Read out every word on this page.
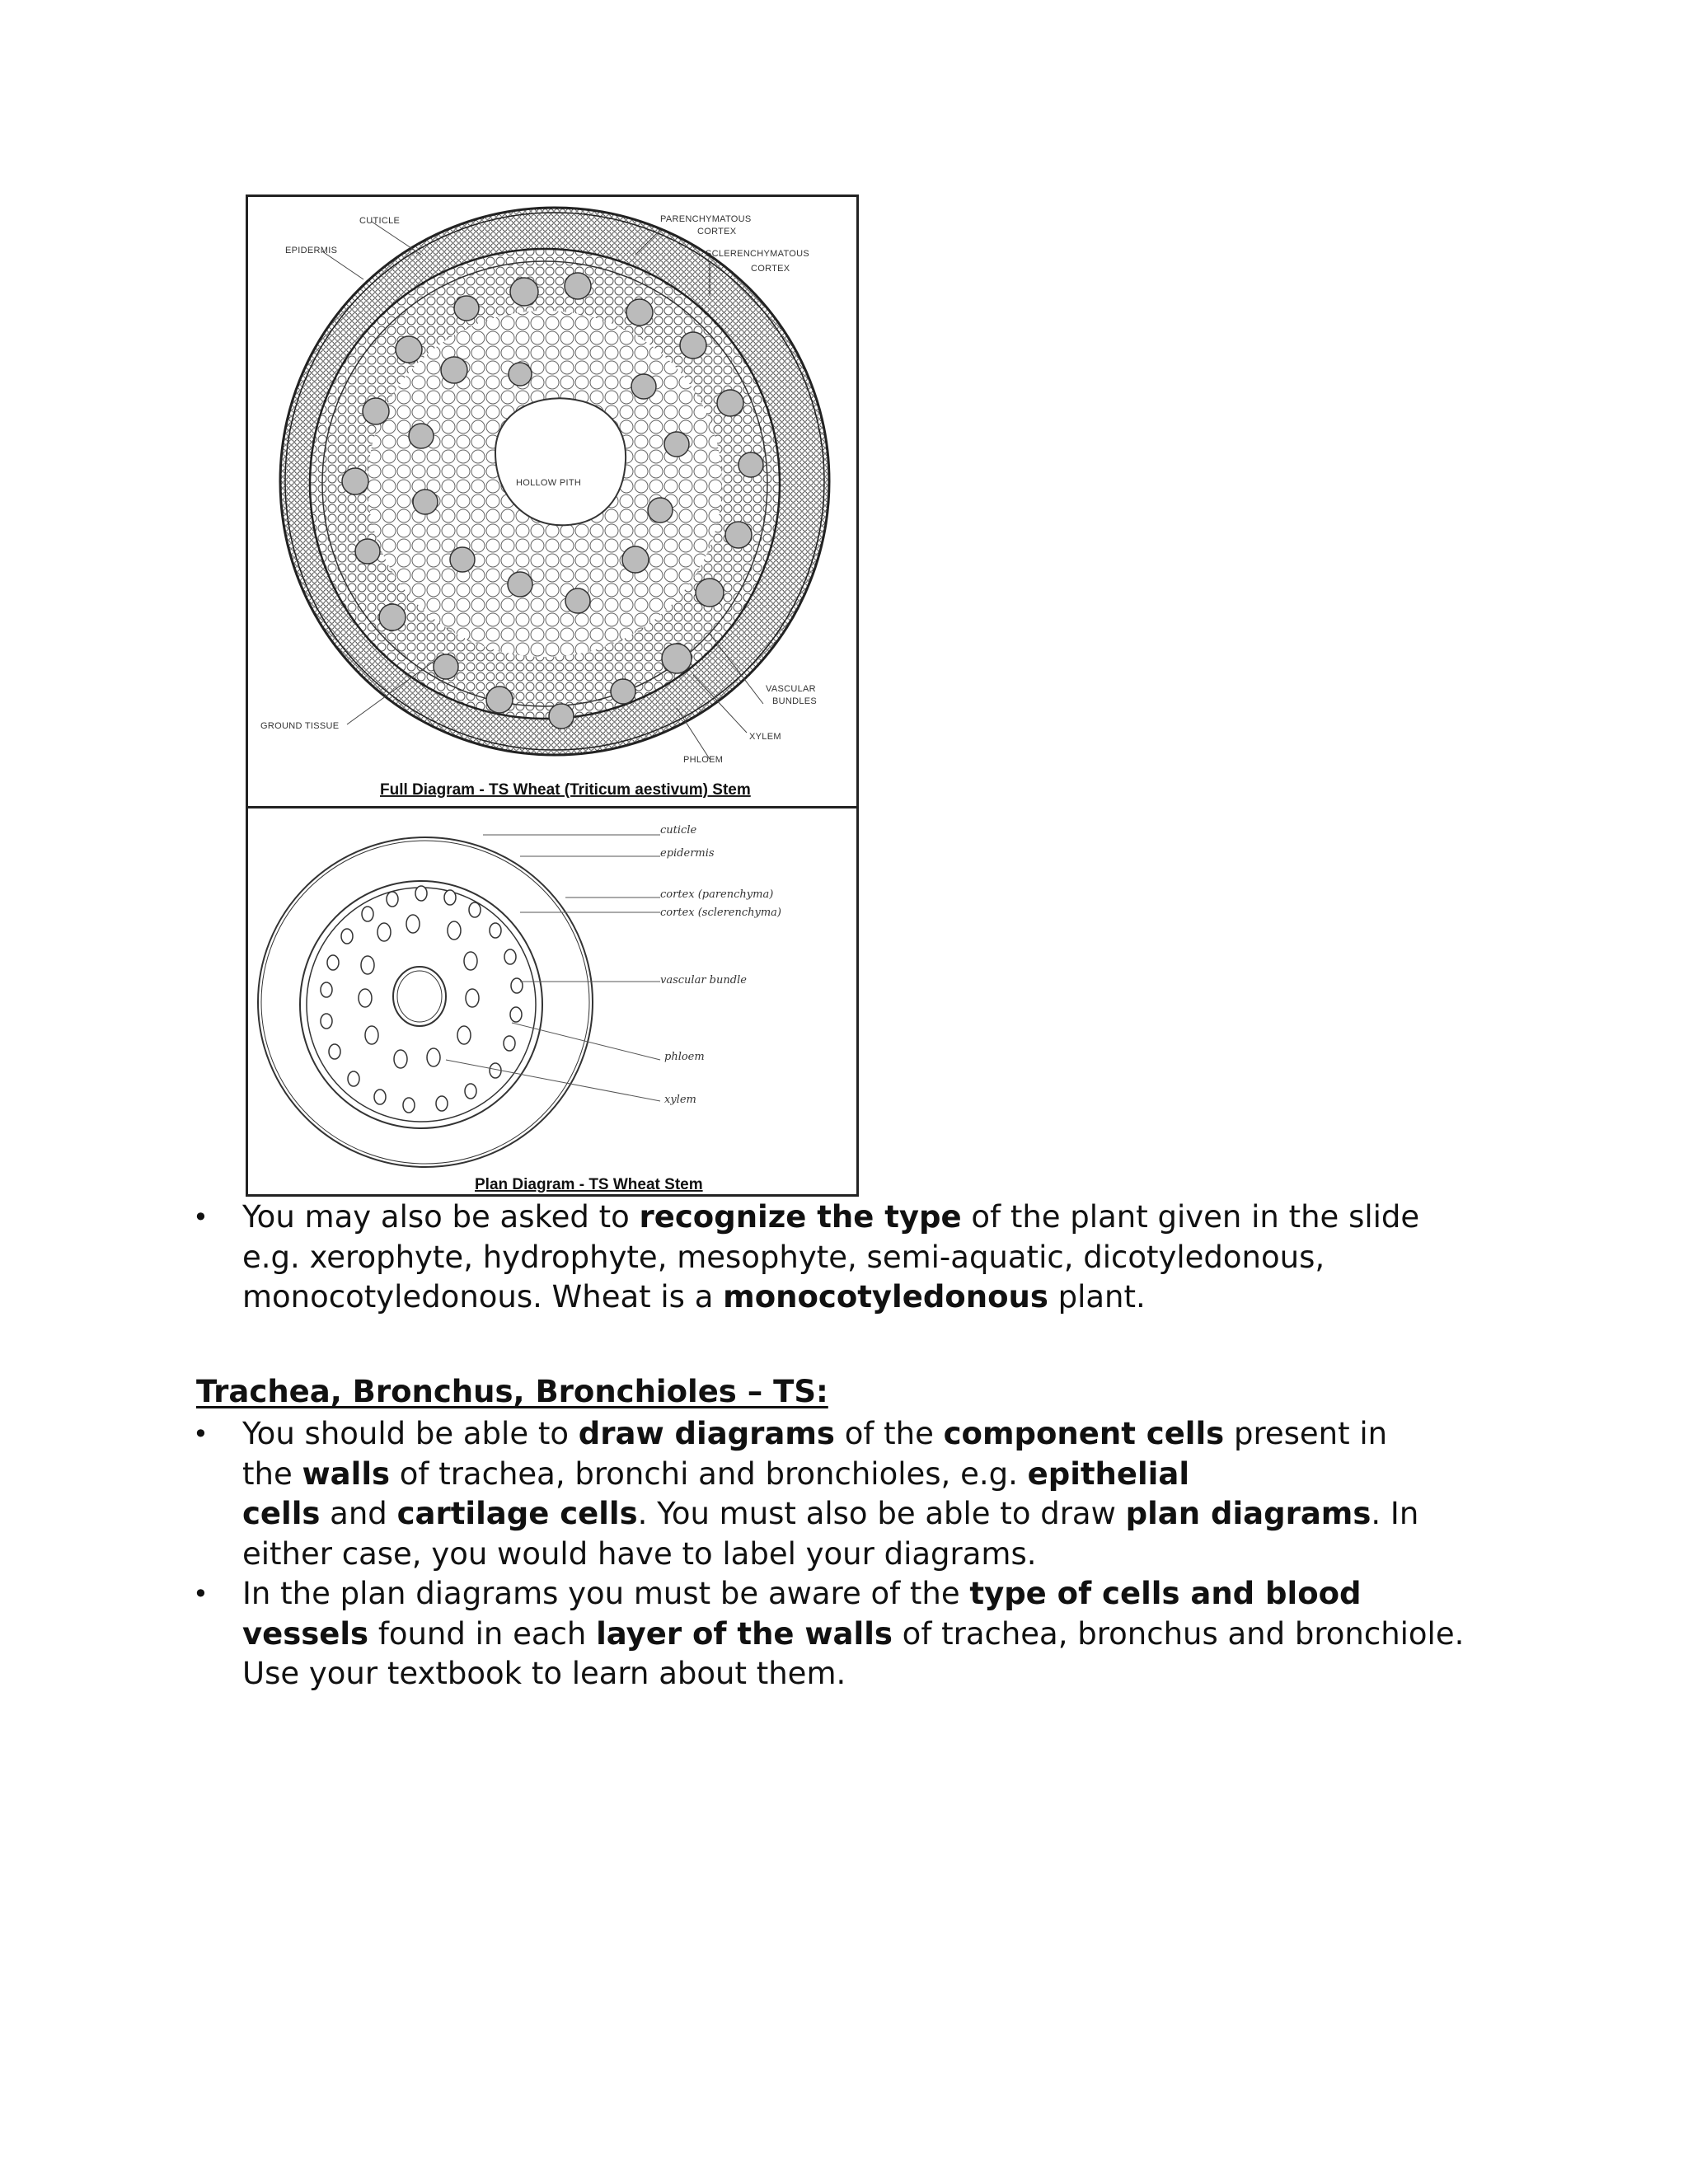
CUTICLE
EPIDERMIS
PARENCHYMATOUS
CORTEX
SCLERENCHYMATOUS
CORTEX
HOLLOW PITH
VASCULAR
BUNDLES
GROUND TISSUE
XYLEM
PHLOEM
Full Diagram - TS Wheat (Triticum aestivum) Stem
cuticle
epidermis
cortex (parenchyma)
cortex (sclerenchyma)
vascular bundle
phloem
xylem
Plan Diagram - TS Wheat Stem
• You may also be asked to recognize the type of the plant given in the slide
e.g. xerophyte, hydrophyte, mesophyte, semi-aquatic, dicotyledonous,
monocotyledonous. Wheat is a monocotyledonous plant.
Trachea, Bronchus, Bronchioles – TS:
• You should be able to draw diagrams of the component cells present in
the walls of trachea, bronchi and bronchioles, e.g. epithelial
cells and cartilage cells. You must also be able to draw plan diagrams. In
either case, you would have to label your diagrams.
• In the plan diagrams you must be aware of the type of cells and blood
vessels found in each layer of the walls of trachea, bronchus and bronchiole.
Use your textbook to learn about them.
